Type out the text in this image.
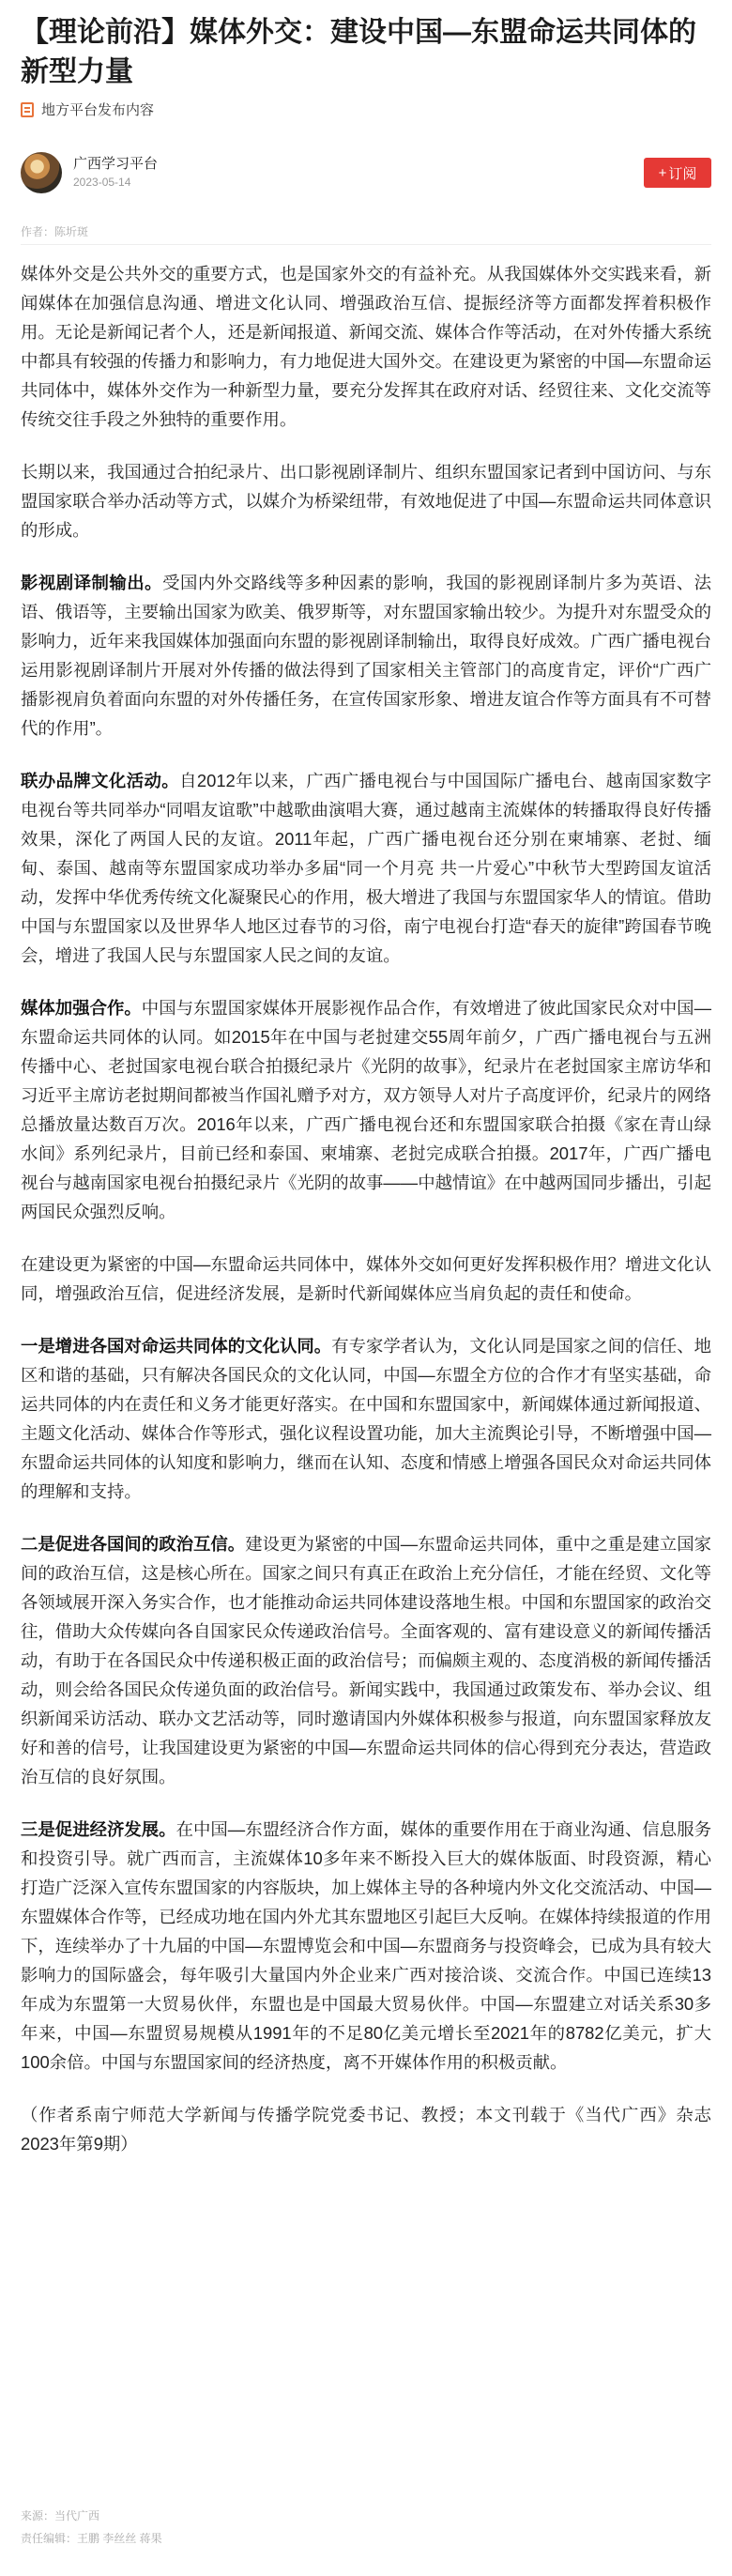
【理论前沿】媒体外交：建设中国—东盟命运共同体的新型力量
地方平台发布内容
广西学习平台
2023-05-14
+ 订阅
作者：陈圻斑

媒体外交是公共外交的重要方式，也是国家外交的有益补充。从我国媒体外交实践来看，新闻媒体在加强信息沟通、增进文化认同、增强政治互信、提振经济等方面都发挥着积极作用。无论是新闻记者个人，还是新闻报道、新闻交流、媒体合作等活动，在对外传播大系统中都具有较强的传播力和影响力，有力地促进大国外交。在建设更为紧密的中国—东盟命运共同体中，媒体外交作为一种新型力量，要充分发挥其在政府对话、经贸往来、文化交流等传统交往手段之外独特的重要作用。

长期以来，我国通过合拍纪录片、出口影视剧译制片、组织东盟国家记者到中国访问、与东盟国家联合举办活动等方式，以媒介为桥梁纽带，有效地促进了中国—东盟命运共同体意识的形成。

影视剧译制输出。受国内外交路线等多种因素的影响，我国的影视剧译制片多为英语、法语、俄语等，主要输出国家为欧美、俄罗斯等，对东盟国家输出较少。为提升对东盟受众的影响力，近年来我国媒体加强面向东盟的影视剧译制输出，取得良好成效。广西广播电视台运用影视剧译制片开展对外传播的做法得到了国家相关主管部门的高度肯定，评价“广西广播影视肩负着面向东盟的对外传播任务，在宣传国家形象、增进友谊合作等方面具有不可替代的作用”。

联办品牌文化活动。自2012年以来，广西广播电视台与中国国际广播电台、越南国家数字电视台等共同举办“同唱友谊歌”中越歌曲演唱大赛，通过越南主流媒体的转播取得良好传播效果，深化了两国人民的友谊。2011年起，广西广播电视台还分别在柬埔寨、老挝、缅甸、泰国、越南等东盟国家成功举办多届“同一个月亮 共一片爱心”中秋节大型跨国友谊活动，发挥中华优秀传统文化凝聚民心的作用，极大增进了我国与东盟国家华人的情谊。借助中国与东盟国家以及世界华人地区过春节的习俗，南宁电视台打造“春天的旋律”跨国春节晚会，增进了我国人民与东盟国家人民之间的友谊。

媒体加强合作。中国与东盟国家媒体开展影视作品合作，有效增进了彼此国家民众对中国—东盟命运共同体的认同。如2015年在中国与老挝建交55周年前夕，广西广播电视台与五洲传播中心、老挝国家电视台联合拍摄纪录片《光阴的故事》，纪录片在老挝国家主席访华和习近平主席访老挝期间都被当作国礼赠予对方，双方领导人对片子高度评价，纪录片的网络总播放量达数百万次。2016年以来，广西广播电视台还和东盟国家联合拍摄《家在青山绿水间》系列纪录片，目前已经和泰国、柬埔寨、老挝完成联合拍摄。2017年，广西广播电视台与越南国家电视台拍摄纪录片《光阴的故事——中越情谊》在中越两国同步播出，引起两国民众强烈反响。

在建设更为紧密的中国—东盟命运共同体中，媒体外交如何更好发挥积极作用？增进文化认同，增强政治互信，促进经济发展，是新时代新闻媒体应当肩负起的责任和使命。

一是增进各国对命运共同体的文化认同。有专家学者认为，文化认同是国家之间的信任、地区和谐的基础，只有解决各国民众的文化认同，中国—东盟全方位的合作才有坚实基础，命运共同体的内在责任和义务才能更好落实。在中国和东盟国家中，新闻媒体通过新闻报道、主题文化活动、媒体合作等形式，强化议程设置功能，加大主流舆论引导，不断增强中国—东盟命运共同体的认知度和影响力，继而在认知、态度和情感上增强各国民众对命运共同体的理解和支持。

二是促进各国间的政治互信。建设更为紧密的中国—东盟命运共同体，重中之重是建立国家间的政治互信，这是核心所在。国家之间只有真正在政治上充分信任，才能在经贸、文化等各领域展开深入务实合作，也才能推动命运共同体建设落地生根。中国和东盟国家的政治交往，借助大众传媒向各自国家民众传递政治信号。全面客观的、富有建设意义的新闻传播活动，有助于在各国民众中传递积极正面的政治信号；而偏颇主观的、态度消极的新闻传播活动，则会给各国民众传递负面的政治信号。新闻实践中，我国通过政策发布、举办会议、组织新闻采访活动、联办文艺活动等，同时邀请国内外媒体积极参与报道，向东盟国家释放友好和善的信号，让我国建设更为紧密的中国—东盟命运共同体的信心得到充分表达，营造政治互信的良好氛围。

三是促进经济发展。在中国—东盟经济合作方面，媒体的重要作用在于商业沟通、信息服务和投资引导。就广西而言，主流媒体10多年来不断投入巨大的媒体版面、时段资源，精心打造广泛深入宣传东盟国家的内容版块，加上媒体主导的各种境内外文化交流活动、中国—东盟媒体合作等，已经成功地在国内外尤其东盟地区引起巨大反响。在媒体持续报道的作用下，连续举办了十九届的中国—东盟博览会和中国—东盟商务与投资峰会，已成为具有较大影响力的国际盛会，每年吸引大量国内外企业来广西对接洽谈、交流合作。中国已连续13年成为东盟第一大贸易伙伴，东盟也是中国最大贸易伙伴。中国—东盟建立对话关系30多年来，中国—东盟贸易规模从1991年的不足80亿美元增长至2021年的8782亿美元，扩大100余倍。中国与东盟国家间的经济热度，离不开媒体作用的积极贡献。

（作者系南宁师范大学新闻与传播学院党委书记、教授；本文刊载于《当代广西》杂志2023年第9期）

来源：当代广西
责任编辑：王鹏 李丝丝 蒋果
